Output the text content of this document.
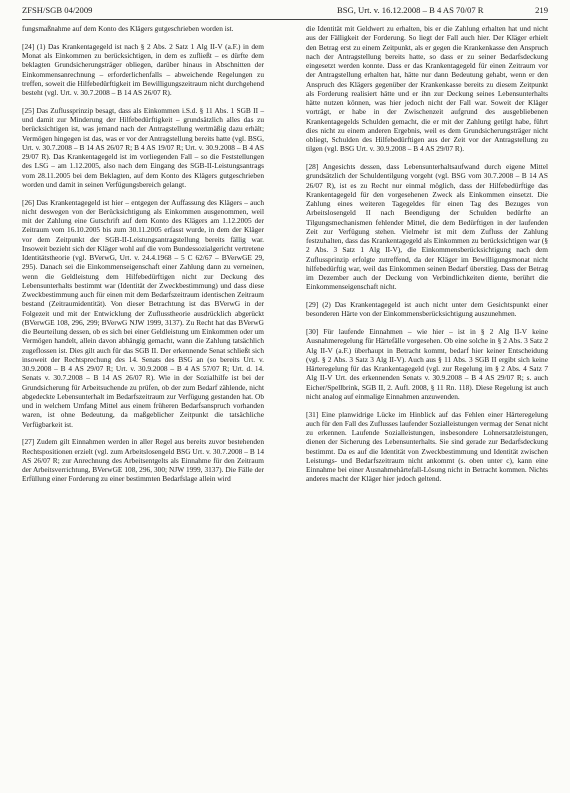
ZFSH/SGB 04/2009	BSG, Urt. v. 16.12.2008 – B 4 AS 70/07 R	219

fungsmaßnahme auf dem Konto des Klägers gutgeschrieben worden ist.

[24] (1) Das Krankentagegeld ist nach § 2 Abs. 2 Satz 1 Alg II-V (a.F.) in dem Monat als Einkommen zu berücksichtigen, in dem es zufließt – es dürfte dem beklagten Grundsicherungsträger obliegen, darüber hinaus in Abschnitten der Einkommensanrechnung – erforderlichenfalls – abweichende Regelungen zu treffen, soweit die Hilfebedürftigkeit im Bewilligungszeitraum nicht durchgehend besteht (vgl. Urt. v. 30.7.2008 – B 14 AS 26/07 R).

[25] Das Zuflussprinzip besagt, dass als Einkommen i.S.d. § 11 Abs. 1 SGB II – und damit zur Minderung der Hilfebedürftigkeit – grundsätzlich alles das zu berücksichtigen ist, was jemand nach der Antragstellung wertmäßig dazu erhält; Vermögen hingegen ist das, was er vor der Antragstellung bereits hatte (vgl. BSG, Urt. v. 30.7.2008 – B 14 AS 26/07 R; B 4 AS 19/07 R; Urt. v. 30.9.2008 – B 4 AS 29/07 R). Das Krankentagegeld ist im vorliegenden Fall – so die Feststellungen des LSG – am 1.12.2005, also nach dem Eingang des SGB-II-Leistungsantrags vom 28.11.2005 bei dem Beklagten, auf dem Konto des Klägers gutgeschrieben worden und damit in seinen Verfügungsbereich gelangt.

[26] Das Krankentagegeld ist hier – entgegen der Auffassung des Klägers – auch nicht deswegen von der Berücksichtigung als Einkommen ausgenommen, weil mit der Zahlung eine Gutschrift auf dem Konto des Klägers am 1.12.2005 der Zeitraum vom 16.10.2005 bis zum 30.11.2005 erfasst wurde, in dem der Kläger vor dem Zeitpunkt der SGB-II-Leistungsantragstellung bereits fällig war. Insoweit bezieht sich der Kläger wohl auf die vom Bundessozialgericht vertretene Identitätstheorie (vgl. BVerwG, Urt. v. 24.4.1968 – 5 C 62/67 – BVerwGE 29, 295). Danach sei die Einkommenseigenschaft einer Zahlung dann zu verneinen, wenn die Geldleistung dem Hilfebedürftigen nicht zur Deckung des Lebensunterhalts bestimmt war (Identität der Zweckbestimmung) und dass diese Zweckbestimmung auch für einen mit dem Bedarfszeitraum identischen Zeitraum bestand (Zeitraumidentität). Von dieser Betrachtung ist das BVerwG in der Folgezeit und mit der Entwicklung der Zuflusstheorie ausdrücklich abgerückt (BVerwGE 108, 296, 299; BVerwG NJW 1999, 3137). Zu Recht hat das BVerwG die Beurteilung dessen, ob es sich bei einer Geldleistung um Einkommen oder um Vermögen handelt, allein davon abhängig gemacht, wann die Zahlung tatsächlich zugeflossen ist. Dies gilt auch für das SGB II. Der erkennende Senat schließt sich insoweit der Rechtsprechung des 14. Senats des BSG an (so bereits Urt. v. 30.9.2008 – B 4 AS 29/07 R; Urt. v. 30.9.2008 – B 4 AS 57/07 R; Urt. d. 14. Senats v. 30.7.2008 – B 14 AS 26/07 R). Wie in der Sozialhilfe ist bei der Grundsicherung für Arbeitsuchende zu prüfen, ob der zum Bedarf zählende, nicht abgedeckte Lebensunterhalt im Bedarfszeitraum zur Verfügung gestanden hat. Ob und in welchem Umfang Mittel aus einem früheren Bedarfsanspruch vorhanden waren, ist ohne Bedeutung, da maßgeblicher Zeitpunkt die tatsächliche Verfügbarkeit ist.

[27] Zudem gilt Einnahmen werden in aller Regel aus bereits zuvor bestehenden Rechtspositionen erzielt (vgl. zum Arbeitslosengeld BSG Urt. v. 30.7.2008 – B 14 AS 26/07 R; zur Anrechnung des Arbeitsentgelts als Einnahme für den Zeitraum der Arbeitsverrichtung, BVerwGE 108, 296, 300; NJW 1999, 3137). Die Fälle der Erfüllung einer Forderung zu einer bestimmten Bedarfslage allein wird

die Identität mit Geldwert zu erhalten, bis er die Zahlung erhalten hat und nicht aus der Fälligkeit der Forderung. So liegt der Fall auch hier. Der Kläger erhielt den Betrag erst zu einem Zeitpunkt, als er gegen die Krankenkasse den Anspruch nach der Antragstellung bereits hatte, so dass er zu seiner Bedarfsdeckung eingesetzt werden konnte. Dass er das Krankentagegeld für einen Zeitraum vor der Antragstellung erhalten hat, hätte nur dann Bedeutung gehabt, wenn er den Anspruch des Klägers gegenüber der Krankenkasse bereits zu diesem Zeitpunkt als Forderung realisiert hätte und er ihn zur Deckung seines Lebensunterhalts hätte nutzen können, was hier jedoch nicht der Fall war. Soweit der Kläger vorträgt, er habe in der Zwischenzeit aufgrund des ausgebliebenen Krankentagegelds Schulden gemacht, die er mit der Zahlung getilgt habe, führt dies nicht zu einem anderen Ergebnis, weil es dem Grundsicherungsträger nicht obliegt, Schulden des Hilfebedürftigen aus der Zeit vor der Antragstellung zu tilgen (vgl. BSG Urt. v. 30.9.2008 – B 4 AS 29/07 R).

[28] Angesichts dessen, dass Lebensunterhaltsaufwand durch eigene Mittel grundsätzlich der Schuldentilgung vorgeht (vgl. BSG vom 30.7.2008 – B 14 AS 26/07 R), ist es zu Recht nur einmal möglich, dass der Hilfebedürftige das Krankentagegeld für den vorgesehenen Zweck als Einkommen einsetzt. Die Zahlung eines weiteren Tagegeldes für einen Tag des Bezuges von Arbeitslosengeld II nach Beendigung der Schulden bedürfte an Tilgungsmechanismen fehlender Mittel, die dem Bedürftigen in der laufenden Zeit zur Verfügung stehen. Vielmehr ist mit dem Zufluss der Zahlung festzuhalten, dass das Krankentagegeld als Einkommen zu berücksichtigen war (§ 2 Abs. 3 Satz 1 Alg II-V), die Einkommensberücksichtigung nach dem Zuflussprinzip erfolgte zutreffend, da der Kläger im Bewilligungsmonat nicht hilfebedürftig war, weil das Einkommen seinen Bedarf überstieg. Dass der Betrag im Dezember auch der Deckung von Verbindlichkeiten diente, berührt die Einkommenseigenschaft nicht.

[29] (2) Das Krankentagegeld ist auch nicht unter dem Gesichtspunkt einer besonderen Härte von der Einkommensberücksichtigung auszunehmen.

[30] Für laufende Einnahmen – wie hier – ist in § 2 Alg II-V keine Ausnahmeregelung für Härtefälle vorgesehen. Ob eine solche in § 2 Abs. 3 Satz 2 Alg II-V (a.F.) überhaupt in Betracht kommt, bedarf hier keiner Entscheidung (vgl. § 2 Abs. 3 Satz 3 Alg II-V). Auch aus § 11 Abs. 3 SGB II ergibt sich keine Härteregelung für das Krankentagegeld (vgl. zur Regelung im § 2 Abs. 4 Satz 7 Alg II-V Urt. des erkennenden Senats v. 30.9.2008 – B 4 AS 29/07 R; s. auch Eicher/Spellbrink, SGB II, 2. Aufl. 2008, § 11 Rn. 118). Diese Regelung ist auch nicht analog auf einmalige Einnahmen anzuwenden.

[31] Eine planwidrige Lücke im Hinblick auf das Fehlen einer Härteregelung auch für den Fall des Zuflusses laufender Sozialleistungen vermag der Senat nicht zu erkennen. Laufende Sozialleistungen, insbesondere Lohnersatzleistungen, dienen der Sicherung des Lebensunterhalts. Sie sind gerade zur Bedarfsdeckung bestimmt. Da es auf die Identität von Zweckbestimmung und Identität zwischen Leistungs- und Bedarfszeitraum nicht ankommt (s. oben unter c), kann eine Einnahme bei einer Ausnahmehärtefall-Lösung nicht in Betracht kommen. Nichts anderes macht der Kläger hier jedoch geltend.
